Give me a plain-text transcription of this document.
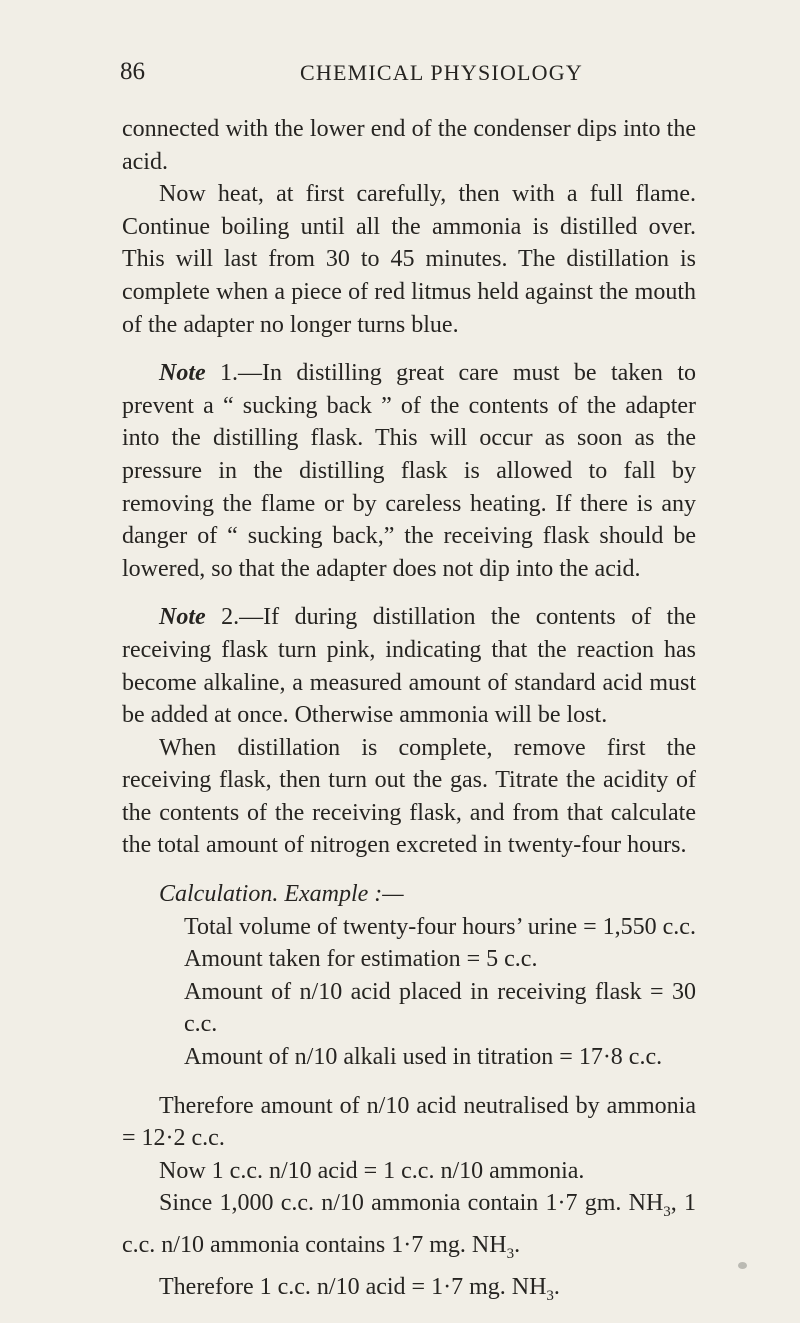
86	CHEMICAL PHYSIOLOGY

connected with the lower end of the condenser dips into the acid.

Now heat, at first carefully, then with a full flame. Continue boiling until all the ammonia is distilled over. This will last from 30 to 45 minutes. The distillation is complete when a piece of red litmus held against the mouth of the adapter no longer turns blue.

Note 1.—In distilling great care must be taken to prevent a “ sucking back ” of the contents of the adapter into the distilling flask. This will occur as soon as the pressure in the distilling flask is allowed to fall by removing the flame or by careless heating. If there is any danger of “ sucking back,” the receiving flask should be lowered, so that the adapter does not dip into the acid.

Note 2.—If during distillation the contents of the receiving flask turn pink, indicating that the reaction has become alkaline, a measured amount of standard acid must be added at once. Otherwise ammonia will be lost.

When distillation is complete, remove first the receiving flask, then turn out the gas. Titrate the acidity of the contents of the receiving flask, and from that calculate the total amount of nitrogen excreted in twenty-four hours.

Calculation. Example :—

Total volume of twenty-four hours’ urine = 1,550 c.c.
Amount taken for estimation = 5 c.c.
Amount of n/10 acid placed in receiving flask = 30 c.c.
Amount of n/10 alkali used in titration = 17·8 c.c.

Therefore amount of n/10 acid neutralised by ammonia = 12·2 c.c.

Now 1 c.c. n/10 acid = 1 c.c. n/10 ammonia.

Since 1,000 c.c. n/10 ammonia contain 1·7 gm. $NH_3$, 1 c.c. n/10 ammonia contains 1·7 mg. $NH_3$.

Therefore 1 c.c. n/10 acid = 1·7 mg. $NH_3$.
